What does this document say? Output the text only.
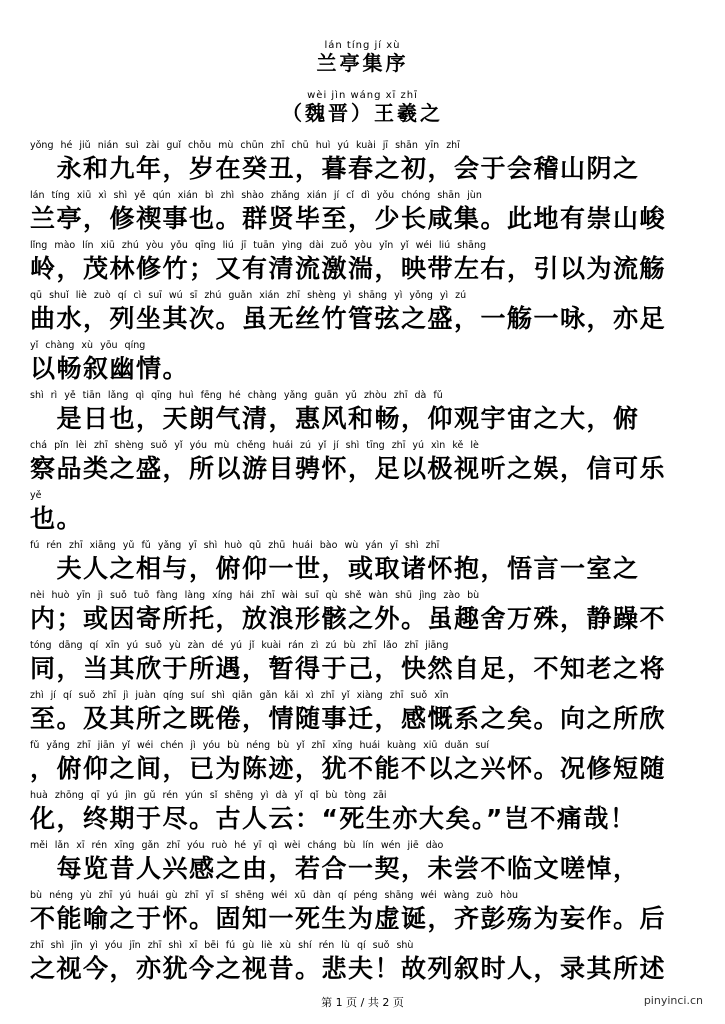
lán tíng jí xù
兰亭集序
wèi jìn wáng xī zhī
（魏晋）王羲之
yǒng hé jiǔ nián suì zài guǐ chǒu mù chūn zhī chū huì yú kuài jī shān yīn zhī
　永和九年，岁在癸丑，暮春之初，会于会稽山阴之
lán tíng xiū xì shì yě qún xián bì zhì shào zhǎng xián jí cǐ dì yǒu chóng shān jùn
兰亭，修禊事也。群贤毕至，少长咸集。此地有崇山峻
lǐng mào lín xiū zhú yòu yǒu qīng liú jī tuān yìng dài zuǒ yòu yǐn yǐ wéi liú shāng
岭，茂林修竹；又有清流激湍，映带左右，引以为流觞
qū shuǐ liè zuò qí cì suī wú sī zhú guǎn xián zhī shèng yì shāng yì yǒng yì zú
曲水，列坐其次。虽无丝竹管弦之盛，一觞一咏，亦足
yǐ chàng xù yōu qíng
以畅叙幽情。
shì rì yě tiān lǎng qì qīng huì fēng hé chàng yǎng guān yǔ zhòu zhī dà fǔ
　是日也，天朗气清，惠风和畅，仰观宇宙之大，俯
chá pǐn lèi zhī shèng suǒ yǐ yóu mù chěng huái zú yǐ jí shì tīng zhī yú xìn kě lè
察品类之盛，所以游目骋怀，足以极视听之娱，信可乐
yě
也。
fú rén zhī xiāng yǔ fǔ yǎng yī shì huò qǔ zhū huái bào wù yán yī shì zhī
　夫人之相与，俯仰一世，或取诸怀抱，悟言一室之
nèi huò yīn jì suǒ tuō fàng làng xíng hái zhī wài suī qù shě wàn shū jìng zào bù
内；或因寄所托，放浪形骸之外。虽趣舍万殊，静躁不
tóng dāng qí xīn yú suǒ yù zàn dé yú jǐ kuài rán zì zú bù zhī lǎo zhī jiāng
同，当其欣于所遇，暂得于己，快然自足，不知老之将
zhì jí qí suǒ zhī jì juàn qíng suí shì qiān gǎn kǎi xì zhī yǐ xiàng zhī suǒ xīn
至。及其所之既倦，情随事迁，感慨系之矣。向之所欣
fǔ yǎng zhī jiān yǐ wéi chén jì yóu bù néng bù yǐ zhī xīng huái kuàng xiū duǎn suí
，俯仰之间，已为陈迹，犹不能不以之兴怀。况修短随
huà zhōng qī yú jìn gǔ rén yún sǐ shēng yì dà yǐ qǐ bù tòng zāi
化，终期于尽。古人云：“死生亦大矣。”岂不痛哉！
měi lǎn xī rén xīng gǎn zhī yóu ruò hé yī qì wèi cháng bù lín wén jiē dào
　每览昔人兴感之由，若合一契，未尝不临文嗟悼，
bù néng yù zhī yú huái gù zhī yī sǐ shēng wéi xū dàn qí péng shāng wéi wàng zuò hòu
不能喻之于怀。固知一死生为虚诞，齐彭殇为妄作。后
zhī shì jīn yì yóu jīn zhī shì xī bēi fú gù liè xù shí rén lù qí suǒ shù
之视今，亦犹今之视昔。悲夫！故列叙时人，录其所述
第 1 页 / 共 2 页	pinyinci.cn
